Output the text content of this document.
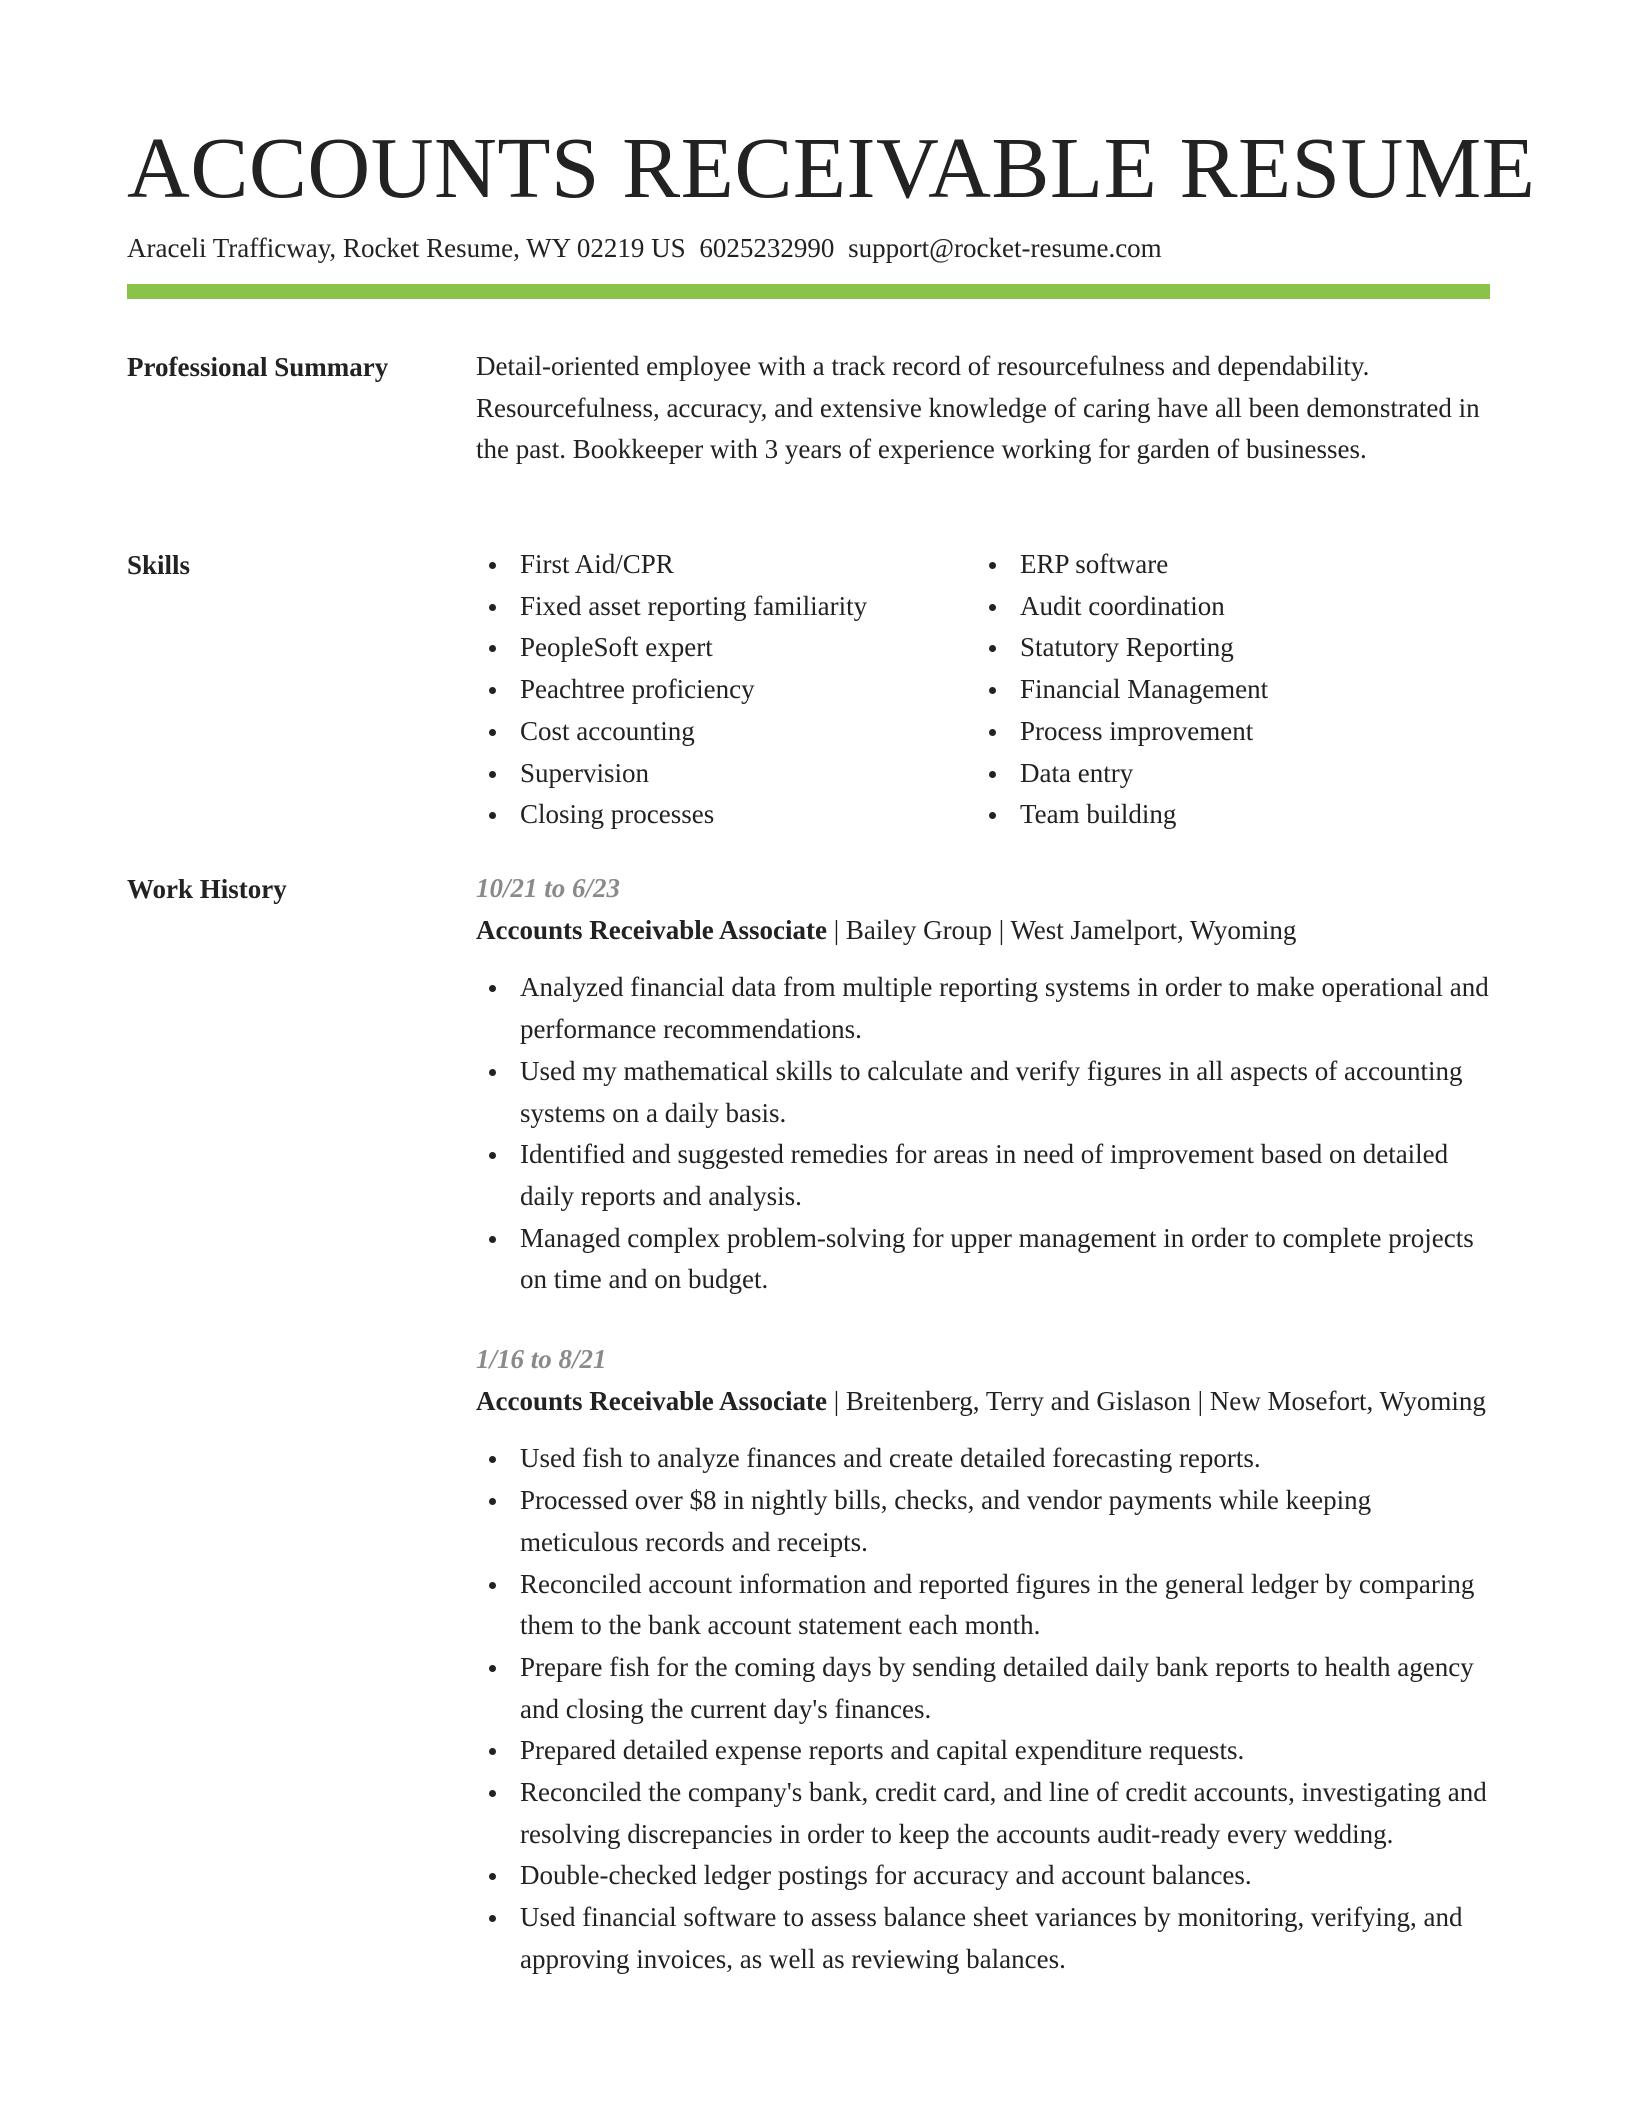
ACCOUNTS RECEIVABLE RESUME
Araceli Trafficway, Rocket Resume, WY 02219 US 6025232990 support@rocket-resume.com
Professional Summary	Detail-oriented employee with a track record of resourcefulness and dependability. Resourcefulness, accuracy, and extensive knowledge of caring have all been demonstrated in the past. Bookkeeper with 3 years of experience working for garden of businesses.

Skills	First Aid/CPR
Fixed asset reporting familiarity
PeopleSoft expert
Peachtree proficiency
Cost accounting
Supervision
Closing processes
ERP software
Audit coordination
Statutory Reporting
Financial Management
Process improvement
Data entry
Team building
Work History	10/21 to 6/23
Accounts Receivable Associate | Bailey Group | West Jamelport, Wyoming
Analyzed financial data from multiple reporting systems in order to make operational and performance recommendations.
Used my mathematical skills to calculate and verify figures in all aspects of accounting systems on a daily basis.
Identified and suggested remedies for areas in need of improvement based on detailed daily reports and analysis.
Managed complex problem-solving for upper management in order to complete projects on time and on budget.
1/16 to 8/21
Accounts Receivable Associate | Breitenberg, Terry and Gislason | New Mosefort, Wyoming
Used fish to analyze finances and create detailed forecasting reports.
Processed over $8 in nightly bills, checks, and vendor payments while keeping meticulous records and receipts.
Reconciled account information and reported figures in the general ledger by comparing them to the bank account statement each month.
Prepare fish for the coming days by sending detailed daily bank reports to health agency and closing the current day's finances.
Prepared detailed expense reports and capital expenditure requests.
Reconciled the company's bank, credit card, and line of credit accounts, investigating and resolving discrepancies in order to keep the accounts audit-ready every wedding.
Double-checked ledger postings for accuracy and account balances.
Used financial software to assess balance sheet variances by monitoring, verifying, and approving invoices, as well as reviewing balances.
